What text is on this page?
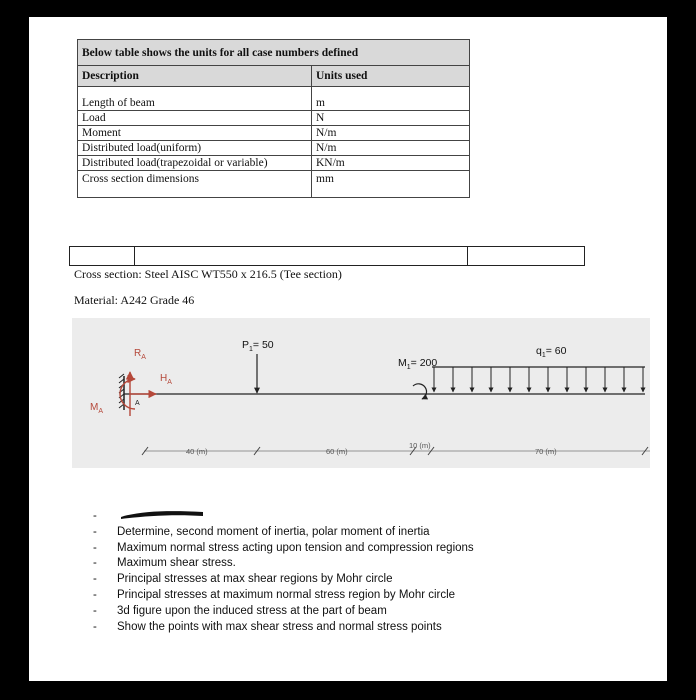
Below table shows the units for all case numbers defined	
Description	Units used

Length of beam	m
Load	N
Moment	N/m
Distributed load(uniform)	N/m
Distributed load(trapezoidal or variable)	KN/m
Cross section dimensions	mm

Cross section: Steel AISC WT550 x 216.5 (Tee section)
Material: A242 Grade 46
$R_A$
$H_A$
$M_A$
A
$P_1= 50$
$M_1= 200$
$q_1= 60$
40 (m)	60 (m)
10 (m)
70 (m)
-

- Determine, second moment of inertia, polar moment of inertia
- Maximum normal stress acting upon tension and compression regions
- Maximum shear stress.
- Principal stresses at max shear regions by Mohr circle
- Principal stresses at maximum normal stress region by Mohr circle
- 3d figure upon the induced stress at the part of beam
- Show the points with max shear stress and normal stress points
